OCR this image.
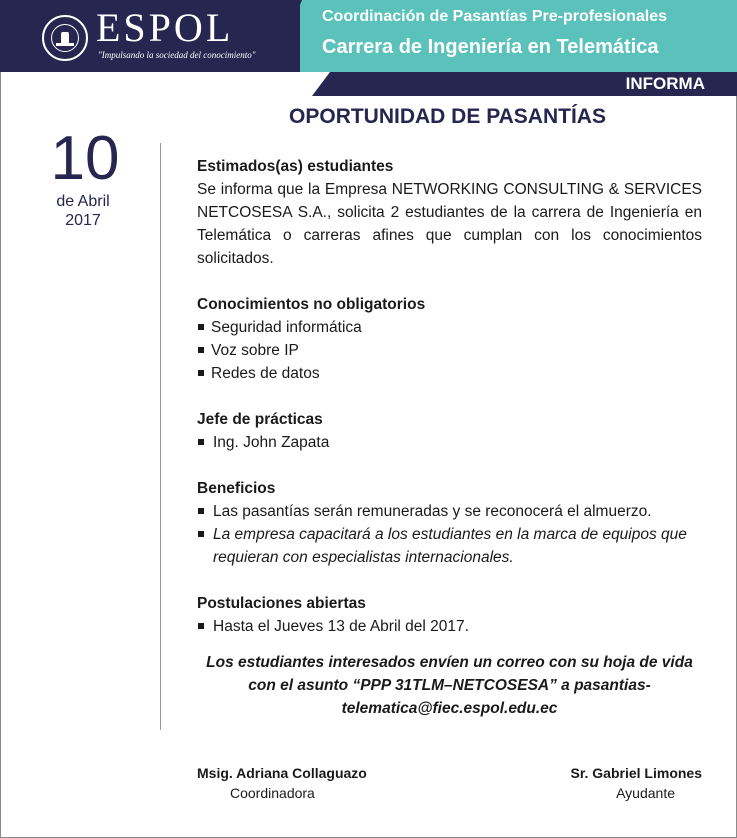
ESPOL
"Impulsando la sociedad del conocimiento"
Coordinación de Pasantías Pre-profesionales
Carrera de Ingeniería en Telemática
INFORMA
OPORTUNIDAD DE PASANTÍAS
10
de Abril
2017
Estimados(as) estudiantes
Se informa que la Empresa NETWORKING CONSULTING & SERVICES NETCOSESA S.A., solicita 2 estudiantes de la carrera de Ingeniería en Telemática o carreras afines que cumplan con los conocimientos solicitados.
Conocimientos no obligatorios
Seguridad informática
Voz sobre IP
Redes de datos
Jefe de prácticas
Ing. John Zapata
Beneficios
Las pasantías serán remuneradas y se reconocerá el almuerzo.
La empresa capacitará a los estudiantes en la marca de equipos que requieran con especialistas internacionales.
Postulaciones abiertas
Hasta el Jueves 13 de Abril del 2017.
Los estudiantes interesados envíen un correo con su hoja de vida con el asunto “PPP 31TLM–NETCOSESA” a pasantias-telematica@fiec.espol.edu.ec
Msig. Adriana Collaguazo
Coordinadora
Sr. Gabriel Limones
Ayudante
